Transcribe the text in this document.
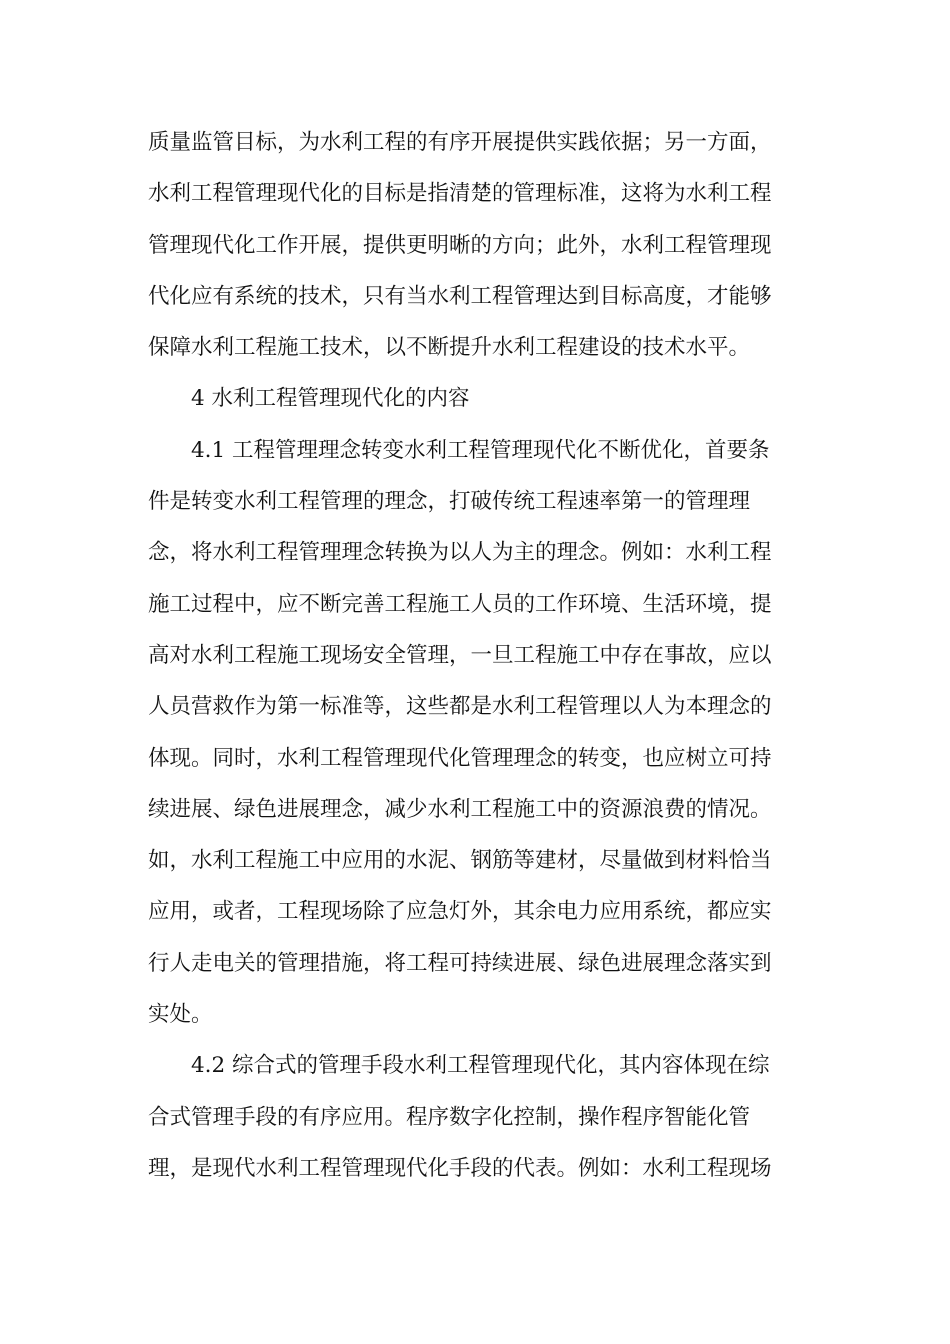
质量监管目标，为水利工程的有序开展提供实践依据；另一方面，
水利工程管理现代化的目标是指清楚的管理标准，这将为水利工程
管理现代化工作开展，提供更明晰的方向；此外，水利工程管理现
代化应有系统的技术，只有当水利工程管理达到目标高度，才能够
保障水利工程施工技术，以不断提升水利工程建设的技术水平。
4 水利工程管理现代化的内容
4.1 工程管理理念转变水利工程管理现代化不断优化，首要条
件是转变水利工程管理的理念，打破传统工程速率第一的管理理
念，将水利工程管理理念转换为以人为主的理念。例如：水利工程
施工过程中，应不断完善工程施工人员的工作环境、生活环境，提
高对水利工程施工现场安全管理，一旦工程施工中存在事故，应以
人员营救作为第一标准等，这些都是水利工程管理以人为本理念的
体现。同时，水利工程管理现代化管理理念的转变，也应树立可持
续进展、绿色进展理念，减少水利工程施工中的资源浪费的情况。
如，水利工程施工中应用的水泥、钢筋等建材，尽量做到材料恰当
应用，或者，工程现场除了应急灯外，其余电力应用系统，都应实
行人走电关的管理措施，将工程可持续进展、绿色进展理念落实到
实处。
4.2 综合式的管理手段水利工程管理现代化，其内容体现在综
合式管理手段的有序应用。程序数字化控制，操作程序智能化管
理，是现代水利工程管理现代化手段的代表。例如：水利工程现场
